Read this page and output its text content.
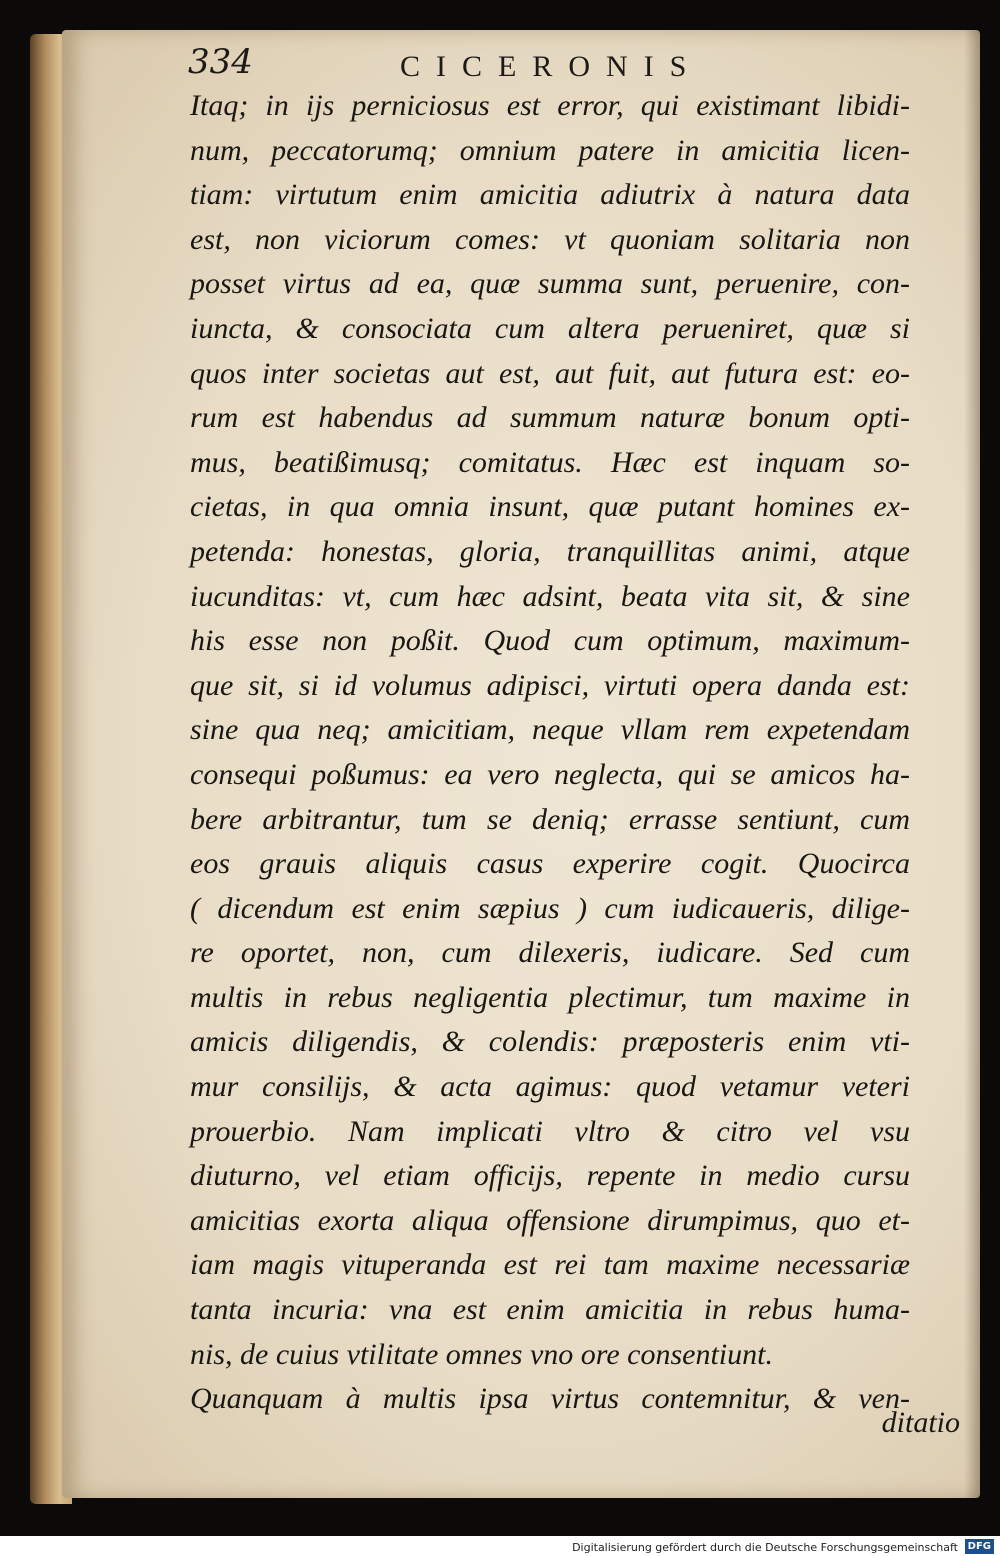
334	CICERONIS
Itaq; in ijs perniciosus est error, qui existimant libidi-
num, peccatorumq; omnium patere in amicitia licen-
tiam: virtutum enim amicitia adiutrix à natura data
est, non viciorum comes: vt quoniam solitaria non
posset virtus ad ea, quæ summa sunt, peruenire, con-
iuncta, & consociata cum altera perueniret, quæ si
quos inter societas aut est, aut fuit, aut futura est: eo-
rum est habendus ad summum naturæ bonum opti-
mus, beatißimusq; comitatus. Hæc est inquam so-
cietas, in qua omnia insunt, quæ putant homines ex-
petenda: honestas, gloria, tranquillitas animi, atque
iucunditas: vt, cum hæc adsint, beata vita sit, & sine
his esse non poßit. Quod cum optimum, maximum-
que sit, si id volumus adipisci, virtuti opera danda est:
sine qua neq; amicitiam, neque vllam rem expetendam
consequi poßumus: ea vero neglecta, qui se amicos ha-
bere arbitrantur, tum se deniq; errasse sentiunt, cum
eos grauis aliquis casus experire cogit. Quocirca
( dicendum est enim sæpius ) cum iudicaueris, dilige-
re oportet, non, cum dilexeris, iudicare. Sed cum
multis in rebus negligentia plectimur, tum maxime in
amicis diligendis, & colendis: præposteris enim vti-
mur consilijs, & acta agimus: quod vetamur veteri
prouerbio. Nam implicati vltro & citro vel vsu
diuturno, vel etiam officijs, repente in medio cursu
amicitias exorta aliqua offensione dirumpimus, quo et-
iam magis vituperanda est rei tam maxime necessariæ
tanta incuria: vna est enim amicitia in rebus huma-
nis, de cuius vtilitate omnes vno ore consentiunt.
Quanquam à multis ipsa virtus contemnitur, & ven-
ditatio
Digitalisierung gefördert durch die Deutsche Forschungsgemeinschaft DFG
